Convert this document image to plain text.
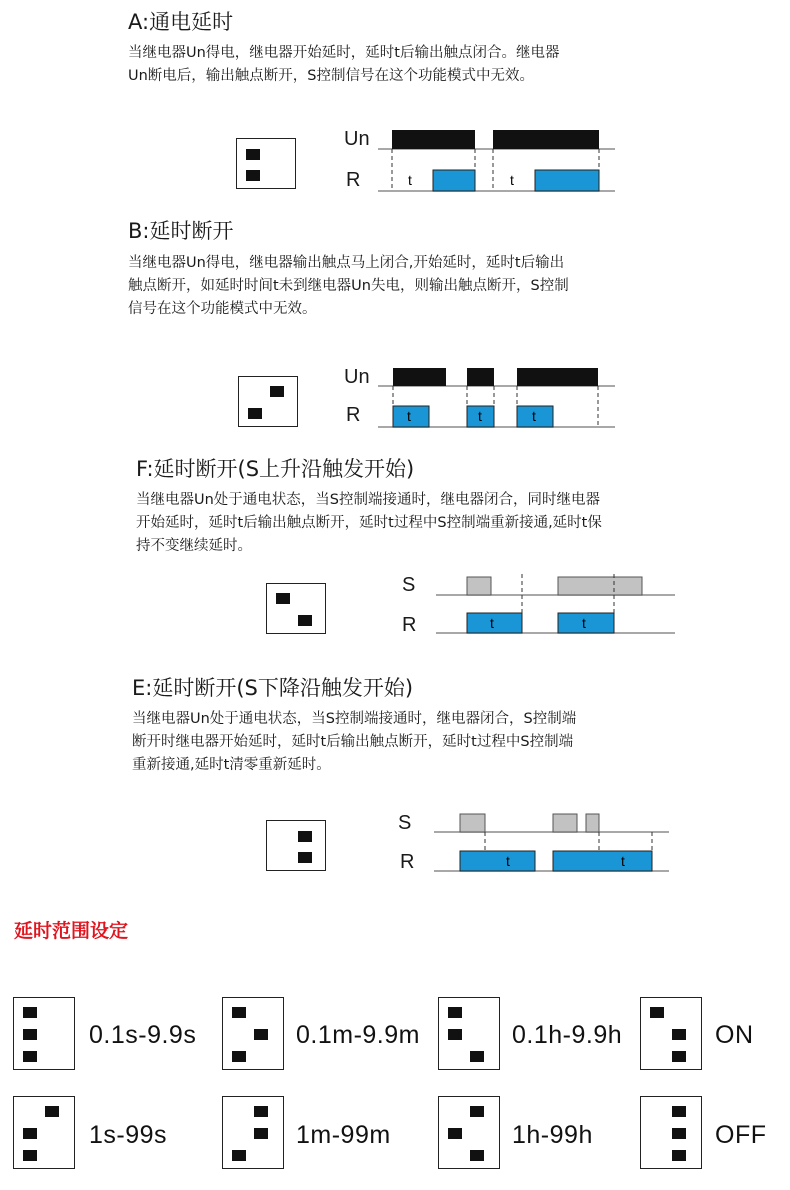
A:通电延时
当继电器Un得电，继电器开始延时，延时t后输出触点闭合。继电器
Un断电后，输出触点断开，S控制信号在这个功能模式中无效。
Un
R	t	t
B:延时断开
当继电器Un得电，继电器输出触点马上闭合,开始延时，延时t后输出
触点断开，如延时时间t未到继电器Un失电，则输出触点断开，S控制
信号在这个功能模式中无效。
Un
R	t	t	t
F:延时断开(S上升沿触发开始)
当继电器Un处于通电状态，当S控制端接通时，继电器闭合，同时继电器
开始延时，延时t后输出触点断开，延时t过程中S控制端重新接通,延时t保
持不变继续延时。
S
R	t	t
E:延时断开(S下降沿触发开始)
当继电器Un处于通电状态，当S控制端接通时，继电器闭合，S控制端
断开时继电器开始延时，延时t后输出触点断开，延时t过程中S控制端
重新接通,延时t清零重新延时。
S
R	t	t
延时范围设定
0.1s-9.9s	0.1m-9.9m	0.1h-9.9h	ON
1s-99s	1m-99m	1h-99h	OFF
